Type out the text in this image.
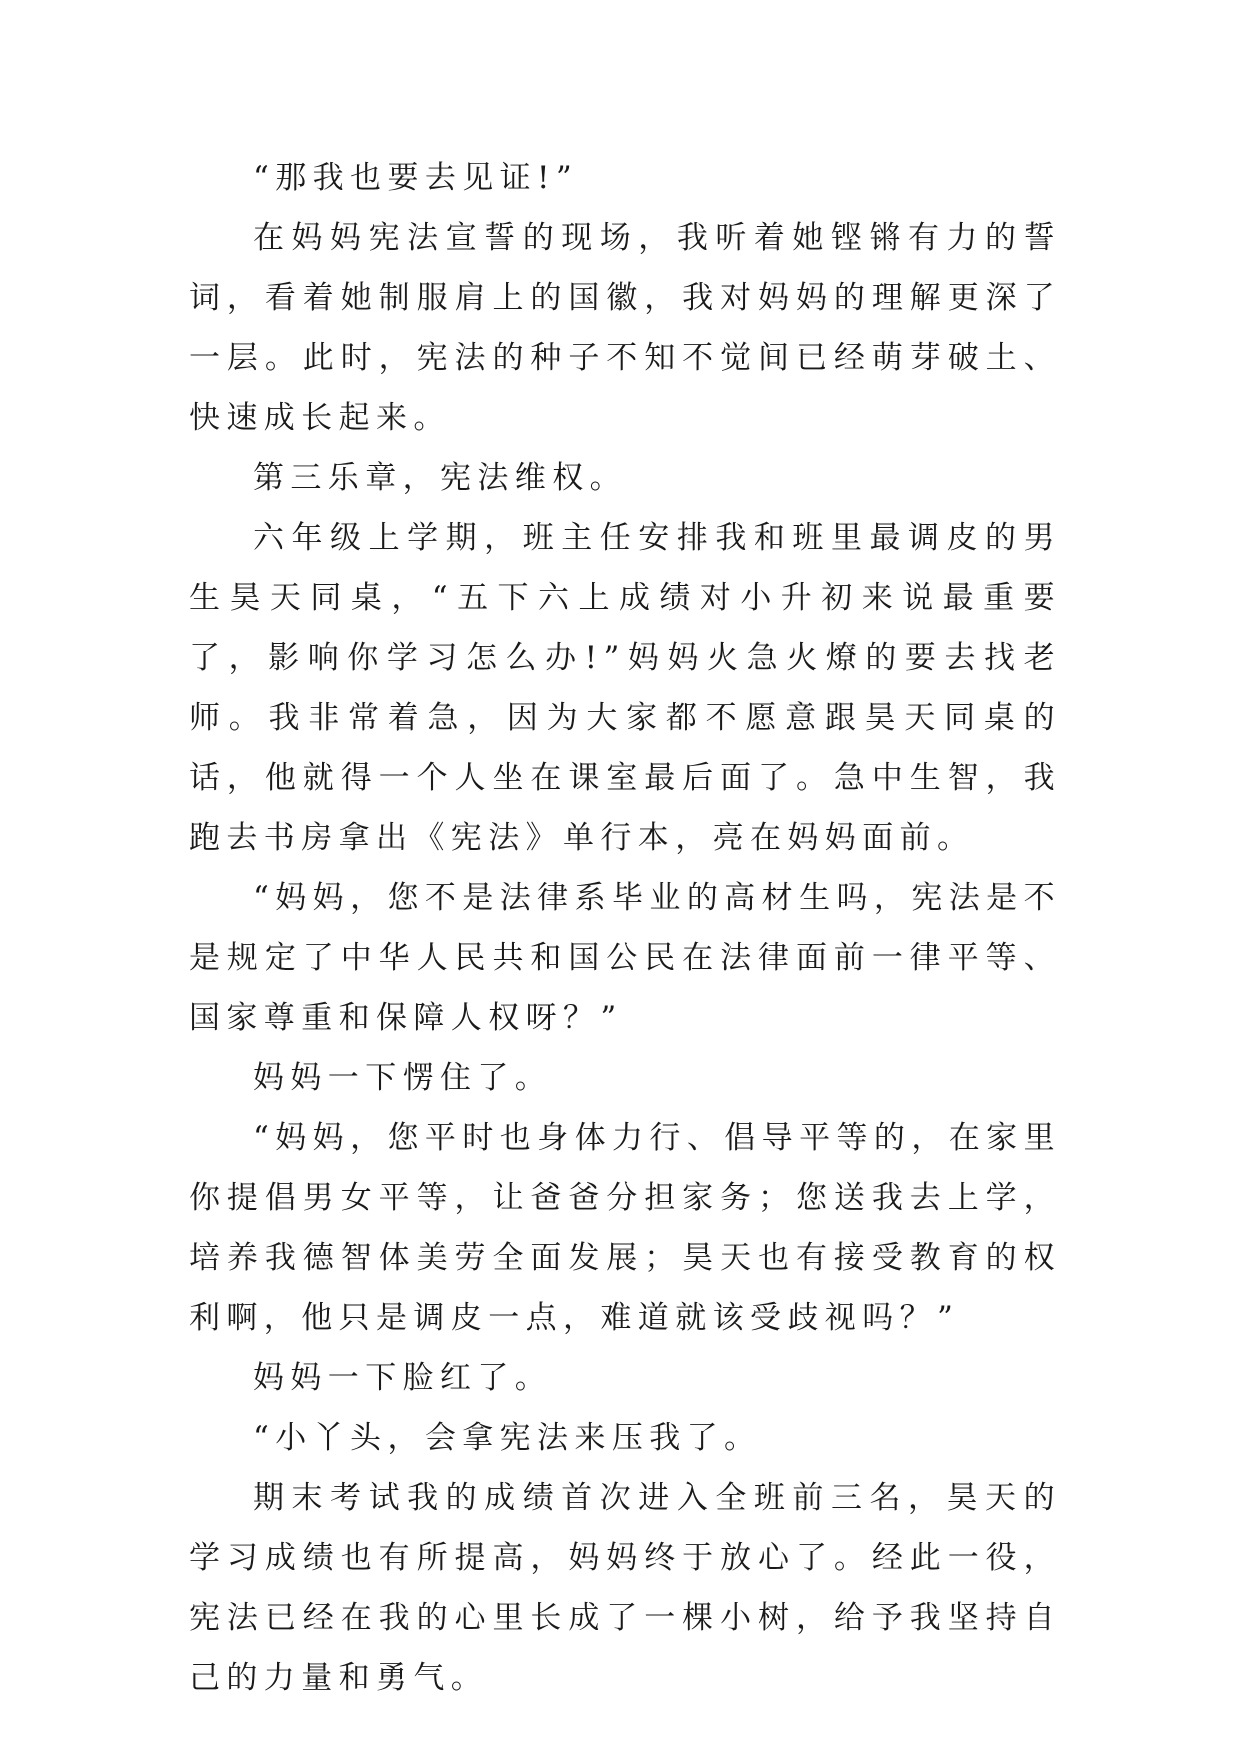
“那我也要去见证!”

在妈妈宪法宣誓的现场，我听着她铿锵有力的誓词，看着她制服肩上的国徽，我对妈妈的理解更深了一层。此时，宪法的种子不知不觉间已经萌芽破土、快速成长起来。

第三乐章，宪法维权。

六年级上学期，班主任安排我和班里最调皮的男生昊天同桌，“五下六上成绩对小升初来说最重要了，影响你学习怎么办!”妈妈火急火燎的要去找老师。我非常着急，因为大家都不愿意跟昊天同桌的话，他就得一个人坐在课室最后面了。急中生智，我跑去书房拿出《宪法》单行本，亮在妈妈面前。

“妈妈，您不是法律系毕业的高材生吗，宪法是不是规定了中华人民共和国公民在法律面前一律平等、国家尊重和保障人权呀？”

妈妈一下愣住了。

“妈妈，您平时也身体力行、倡导平等的，在家里你提倡男女平等，让爸爸分担家务；您送我去上学，培养我德智体美劳全面发展；昊天也有接受教育的权利啊，他只是调皮一点，难道就该受歧视吗？”

妈妈一下脸红了。

“小丫头，会拿宪法来压我了。

期末考试我的成绩首次进入全班前三名，昊天的学习成绩也有所提高，妈妈终于放心了。经此一役，宪法已经在我的心里长成了一棵小树，给予我坚持自己的力量和勇气。
